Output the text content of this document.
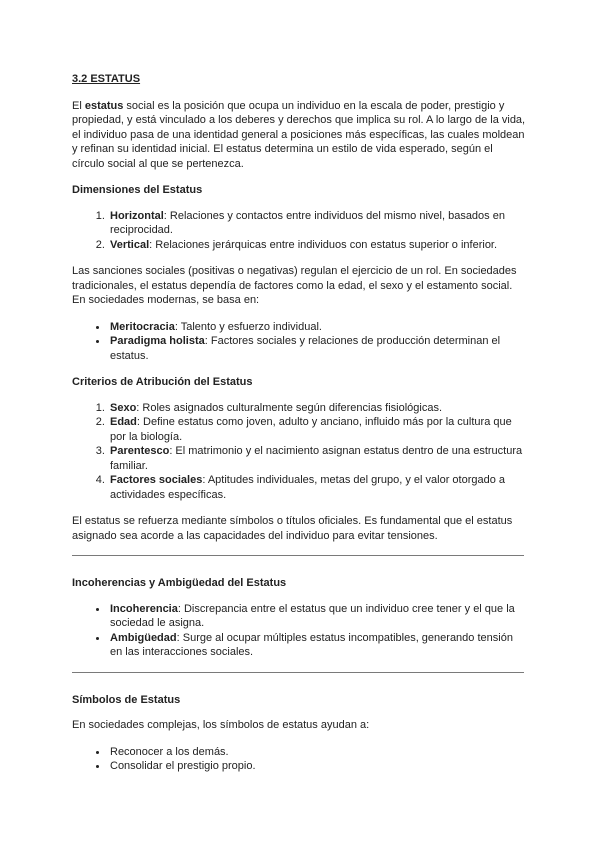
3.2 ESTATUS

El estatus social es la posición que ocupa un individuo en la escala de poder, prestigio y propiedad, y está vinculado a los deberes y derechos que implica su rol. A lo largo de la vida, el individuo pasa de una identidad general a posiciones más específicas, las cuales moldean y refinan su identidad inicial. El estatus determina un estilo de vida esperado, según el círculo social al que se pertenezca.

Dimensiones del Estatus
1. Horizontal: Relaciones y contactos entre individuos del mismo nivel, basados en reciprocidad.
2. Vertical: Relaciones jerárquicas entre individuos con estatus superior o inferior.

Las sanciones sociales (positivas o negativas) regulan el ejercicio de un rol. En sociedades tradicionales, el estatus dependía de factores como la edad, el sexo y el estamento social. En sociedades modernas, se basa en:

• Meritocracia: Talento y esfuerzo individual.
• Paradigma holista: Factores sociales y relaciones de producción determinan el estatus.
Criterios de Atribución del Estatus
1. Sexo: Roles asignados culturalmente según diferencias fisiológicas.
2. Edad: Define estatus como joven, adulto y anciano, influido más por la cultura que por la biología.
3. Parentesco: El matrimonio y el nacimiento asignan estatus dentro de una estructura familiar.
4. Factores sociales: Aptitudes individuales, metas del grupo, y el valor otorgado a actividades específicas.

El estatus se refuerza mediante símbolos o títulos oficiales. Es fundamental que el estatus asignado sea acorde a las capacidades del individuo para evitar tensiones.

Incoherencias y Ambigüedad del Estatus
• Incoherencia: Discrepancia entre el estatus que un individuo cree tener y el que la sociedad le asigna.
• Ambigüedad: Surge al ocupar múltiples estatus incompatibles, generando tensión en las interacciones sociales.
Símbolos de Estatus

En sociedades complejas, los símbolos de estatus ayudan a:

• Reconocer a los demás.
• Consolidar el prestigio propio.
